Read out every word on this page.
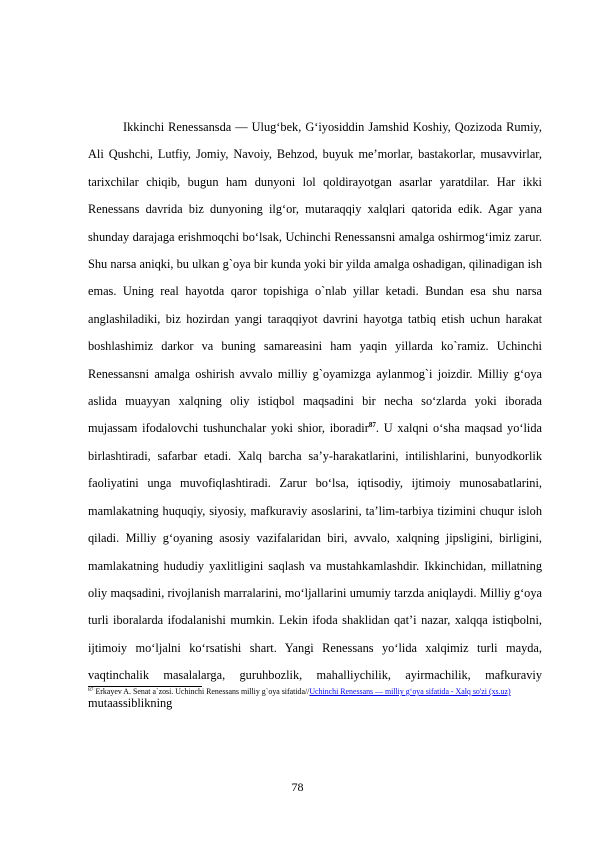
Ikkinchi Renessansda — Ulug‘bek, G‘iyosiddin Jamshid Koshiy, Qozizoda Rumiy, Ali Qushchi, Lutfiy, Jomiy, Navoiy, Behzod, buyuk me’morlar, bastakorlar, musavvirlar, tarixchilar chiqib, bugun ham dunyoni lol qoldirayotgan asarlar yaratdilar. Har ikki Renessans davrida biz dunyoning ilg‘or, mutaraqqiy xalqlari qatorida edik. Agar yana shunday darajaga erishmoqchi bo‘lsak, Uchinchi Renessansni amalga oshirmog‘imiz zarur. Shu narsa aniqki, bu ulkan g`oya bir kunda yoki bir yilda amalga oshadigan, qilinadigan ish emas. Uning real hayotda qaror topishiga o`nlab yillar ketadi. Bundan esa shu narsa anglashiladiki, biz hozirdan yangi taraqqiyot davrini hayotga tatbiq etish uchun harakat boshlashimiz darkor va buning samareasini ham yaqin yillarda ko`ramiz. Uchinchi Renessansni amalga oshirish avvalo milliy g`oyamizga aylanmog`i joizdir. Milliy g‘oya aslida muayyan xalqning oliy istiqbol maqsadini bir necha so‘zlarda yoki iborada mujassam ifodalovchi tushunchalar yoki shior, iboradir$^{87}$. U xalqni o‘sha maqsad yo‘lida birlashtiradi, safarbar etadi. Xalq barcha sa’y-harakatlarini, intilishlarini, bunyodkorlik faoliyatini unga muvofiqlashtiradi. Zarur bo‘lsa, iqtisodiy, ijtimoiy munosabatlarini, mamlakatning huquqiy, siyosiy, mafkuraviy asoslarini, ta’lim-tarbiya tizimini chuqur isloh qiladi. Milliy g‘oyaning asosiy vazifalaridan biri, avvalo, xalqning jipsligini, birligini, mamlakatning hududiy yaxlitligini saqlash va mustahkamlashdir. Ikkinchidan, millatning oliy maqsadini, rivojlanish marralarini, mo‘ljallarini umumiy tarzda aniqlaydi. Milliy g‘oya turli iboralarda ifodalanishi mumkin. Lekin ifoda shaklidan qat’i nazar, xalqqa istiqbolni, ijtimoiy mo‘ljalni ko‘rsatishi shart. Yangi Renessans yo‘lida xalqimiz turli mayda, vaqtinchalik masalalarga, guruhbozlik, mahalliychilik, ayirmachilik, mafkuraviy mutaassiblikning

$^{87}$ Erkayev A. Senat a`zosi. Uchinchi Renessans milliy g`oya sifatida//Uchinchi Renessans — milliy g‘oya sifatida - Xalq so'zi (xs.uz)

78
